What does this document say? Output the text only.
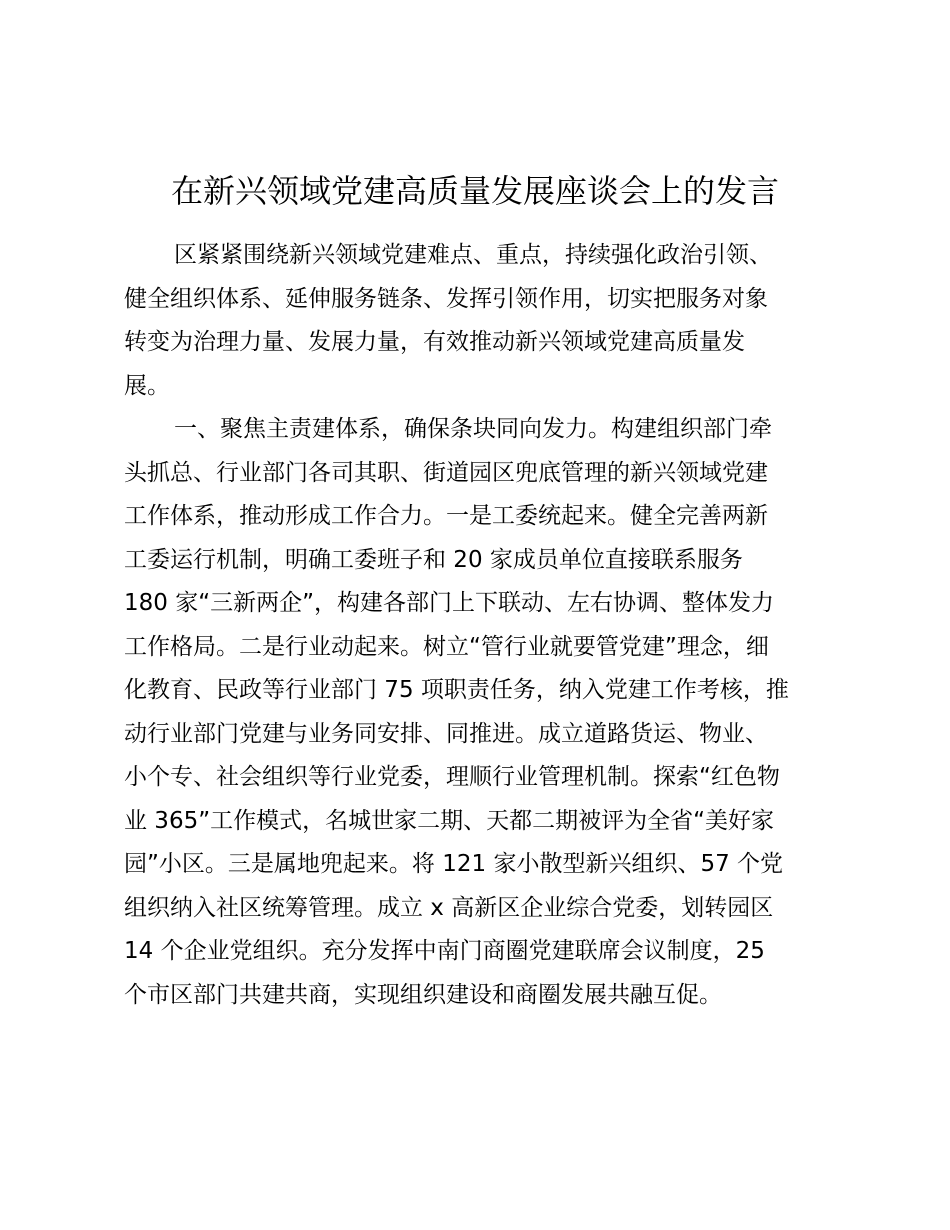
在新兴领域党建高质量发展座谈会上的发言

区紧紧围绕新兴领域党建难点、重点，持续强化政治引领、

健全组织体系、延伸服务链条、发挥引领作用，切实把服务对象

转变为治理力量、发展力量，有效推动新兴领域党建高质量发

展。

一、聚焦主责建体系，确保条块同向发力。构建组织部门牵

头抓总、行业部门各司其职、街道园区兜底管理的新兴领域党建

工作体系，推动形成工作合力。一是工委统起来。健全完善两新

工委运行机制，明确工委班子和 20 家成员单位直接联系服务

180 家“三新两企”，构建各部门上下联动、左右协调、整体发力

工作格局。二是行业动起来。树立“管行业就要管党建”理念，细

化教育、民政等行业部门 75 项职责任务，纳入党建工作考核，推

动行业部门党建与业务同安排、同推进。成立道路货运、物业、

小个专、社会组织等行业党委，理顺行业管理机制。探索“红色物

业 365”工作模式，名城世家二期、天都二期被评为全省“美好家

园”小区。三是属地兜起来。将 121 家小散型新兴组织、57 个党

组织纳入社区统筹管理。成立 x 高新区企业综合党委，划转园区

14 个企业党组织。充分发挥中南门商圈党建联席会议制度，25

个市区部门共建共商，实现组织建设和商圈发展共融互促。
